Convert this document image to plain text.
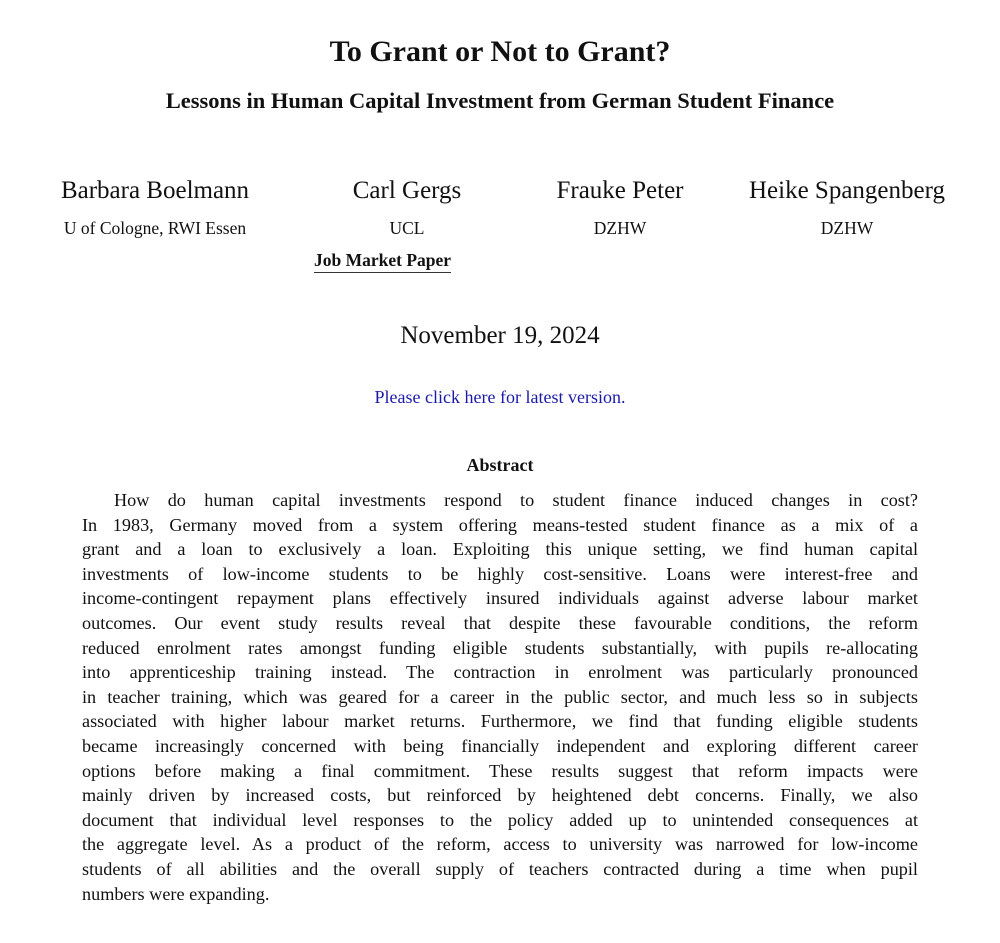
To Grant or Not to Grant?
Lessons in Human Capital Investment from German Student Finance
Barbara Boelmann
U of Cologne, RWI Essen
Carl Gergs
UCL
Frauke Peter
DZHW
Heike Spangenberg
DZHW
Job Market Paper
November 19, 2024
Please click here for latest version.
Abstract
How do human capital investments respond to student finance induced changes in cost?
In 1983, Germany moved from a system offering means-tested student finance as a mix of a
grant and a loan to exclusively a loan. Exploiting this unique setting, we find human capital
investments of low-income students to be highly cost-sensitive. Loans were interest-free and
income-contingent repayment plans effectively insured individuals against adverse labour market
outcomes. Our event study results reveal that despite these favourable conditions, the reform
reduced enrolment rates amongst funding eligible students substantially, with pupils re-allocating
into apprenticeship training instead. The contraction in enrolment was particularly pronounced
in teacher training, which was geared for a career in the public sector, and much less so in subjects
associated with higher labour market returns. Furthermore, we find that funding eligible students
became increasingly concerned with being financially independent and exploring different career
options before making a final commitment. These results suggest that reform impacts were
mainly driven by increased costs, but reinforced by heightened debt concerns. Finally, we also
document that individual level responses to the policy added up to unintended consequences at
the aggregate level. As a product of the reform, access to university was narrowed for low-income
students of all abilities and the overall supply of teachers contracted during a time when pupil
numbers were expanding.
